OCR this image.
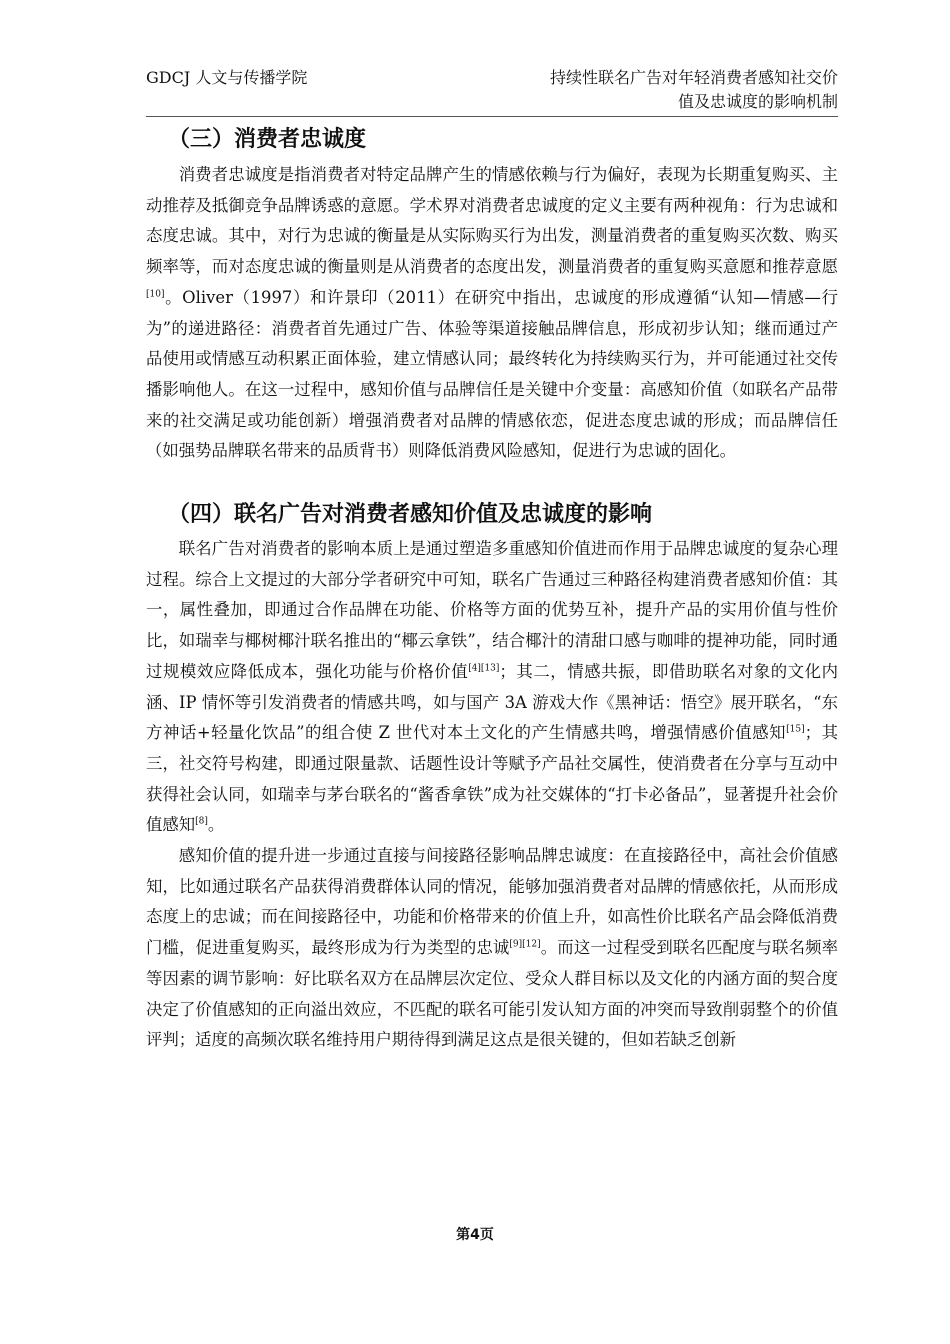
GDCJ 人文与传播学院	持续性联名广告对年轻消费者感知社交价
值及忠诚度的影响机制
（三）消费者忠诚度

消费者忠诚度是指消费者对特定品牌产生的情感依赖与行为偏好，表现为长期重复购买、主动推荐及抵御竞争品牌诱惑的意愿。学术界对消费者忠诚度的定义主要有两种视角：行为忠诚和态度忠诚。其中，对行为忠诚的衡量是从实际购买行为出发，测量消费者的重复购买次数、购买频率等，而对态度忠诚的衡量则是从消费者的态度出发，测量消费者的重复购买意愿和推荐意愿[10]。Oliver（1997）和许景印（2011）在研究中指出，忠诚度的形成遵循“认知—情感—行为”的递进路径：消费者首先通过广告、体验等渠道接触品牌信息，形成初步认知；继而通过产品使用或情感互动积累正面体验，建立情感认同；最终转化为持续购买行为，并可能通过社交传播影响他人。在这一过程中，感知价值与品牌信任是关键中介变量：高感知价值（如联名产品带来的社交满足或功能创新）增强消费者对品牌的情感依恋，促进态度忠诚的形成；而品牌信任（如强势品牌联名带来的品质背书）则降低消费风险感知，促进行为忠诚的固化。

（四）联名广告对消费者感知价值及忠诚度的影响

联名广告对消费者的影响本质上是通过塑造多重感知价值进而作用于品牌忠诚度的复杂心理过程。综合上文提过的大部分学者研究中可知，联名广告通过三种路径构建消费者感知价值：其一，属性叠加，即通过合作品牌在功能、价格等方面的优势互补，提升产品的实用价值与性价比，如瑞幸与椰树椰汁联名推出的“椰云拿铁”，结合椰汁的清甜口感与咖啡的提神功能，同时通过规模效应降低成本，强化功能与价格价值[4][13]；其二，情感共振，即借助联名对象的文化内涵、IP 情怀等引发消费者的情感共鸣，如与国产 3A 游戏大作《黑神话：悟空》展开联名，“东方神话+轻量化饮品”的组合使 Z 世代对本土文化的产生情感共鸣，增强情感价值感知[15]；其三，社交符号构建，即通过限量款、话题性设计等赋予产品社交属性，使消费者在分享与互动中获得社会认同，如瑞幸与茅台联名的“酱香拿铁”成为社交媒体的“打卡必备品”，显著提升社会价值感知[8]。

感知价值的提升进一步通过直接与间接路径影响品牌忠诚度：在直接路径中，高社会价值感知，比如通过联名产品获得消费群体认同的情况，能够加强消费者对品牌的情感依托，从而形成态度上的忠诚；而在间接路径中，功能和价格带来的价值上升，如高性价比联名产品会降低消费门槛，促进重复购买，最终形成为行为类型的忠诚[9][12]。而这一过程受到联名匹配度与联名频率等因素的调节影响：好比联名双方在品牌层次定位、受众人群目标以及文化的内涵方面的契合度决定了价值感知的正向溢出效应，不匹配的联名可能引发认知方面的冲突而导致削弱整个的价值评判；适度的高频次联名维持用户期待得到满足这点是很关键的，但如若缺乏创新

第4页
